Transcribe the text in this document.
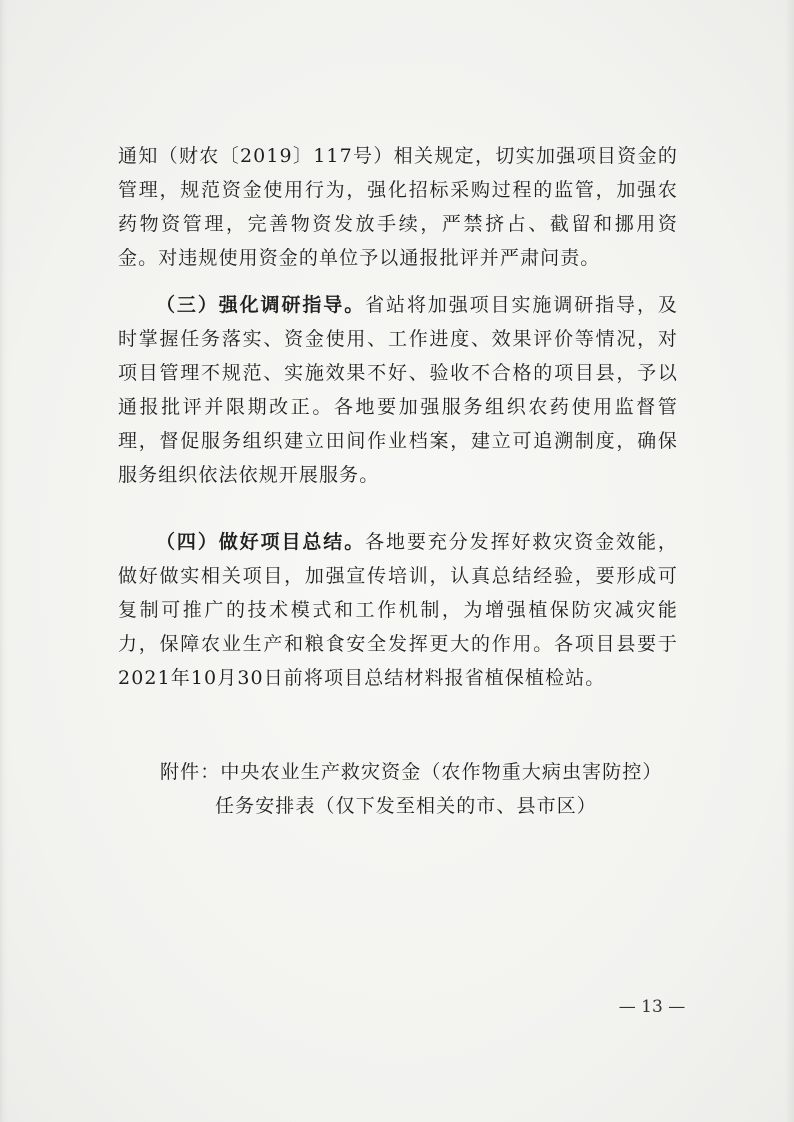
通知（财农〔2019〕117号）相关规定，切实加强项目资金的管理，规范资金使用行为，强化招标采购过程的监管，加强农药物资管理，完善物资发放手续，严禁挤占、截留和挪用资金。对违规使用资金的单位予以通报批评并严肃问责。

（三）强化调研指导。省站将加强项目实施调研指导，及时掌握任务落实、资金使用、工作进度、效果评价等情况，对项目管理不规范、实施效果不好、验收不合格的项目县，予以通报批评并限期改正。各地要加强服务组织农药使用监督管理，督促服务组织建立田间作业档案，建立可追溯制度，确保服务组织依法依规开展服务。

（四）做好项目总结。各地要充分发挥好救灾资金效能，做好做实相关项目，加强宣传培训，认真总结经验，要形成可复制可推广的技术模式和工作机制，为增强植保防灾减灾能力，保障农业生产和粮食安全发挥更大的作用。各项目县要于2021年10月30日前将项目总结材料报省植保植检站。

附件：中央农业生产救灾资金（农作物重大病虫害防控）
任务安排表（仅下发至相关的市、县市区）
— 13 —
